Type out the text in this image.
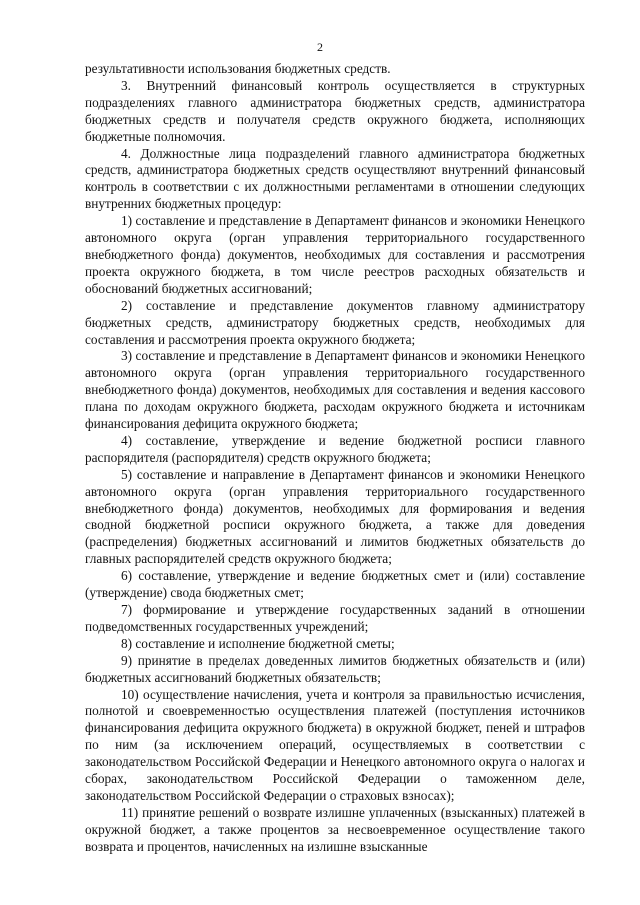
2

результативности использования бюджетных средств.

3. Внутренний финансовый контроль осуществляется в структурных подразделениях главного администратора бюджетных средств, администратора бюджетных средств и получателя средств окружного бюджета, исполняющих бюджетные полномочия.

4. Должностные лица подразделений главного администратора бюджетных средств, администратора бюджетных средств осуществляют внутренний финансовый контроль в соответствии с их должностными регламентами в отношении следующих внутренних бюджетных процедур:

1) составление и представление в Департамент финансов и экономики Ненецкого автономного округа (орган управления территориального государственного внебюджетного фонда) документов, необходимых для составления и рассмотрения проекта окружного бюджета, в том числе реестров расходных обязательств и обоснований бюджетных ассигнований;

2) составление и представление документов главному администратору бюджетных средств, администратору бюджетных средств, необходимых для составления и рассмотрения проекта окружного бюджета;

3) составление и представление в Департамент финансов и экономики Ненецкого автономного округа (орган управления территориального государственного внебюджетного фонда) документов, необходимых для составления и ведения кассового плана по доходам окружного бюджета, расходам окружного бюджета и источникам финансирования дефицита окружного бюджета;

4) составление, утверждение и ведение бюджетной росписи главного распорядителя (распорядителя) средств окружного бюджета;

5) составление и направление в Департамент финансов и экономики Ненецкого автономного округа (орган управления территориального государственного внебюджетного фонда) документов, необходимых для формирования и ведения сводной бюджетной росписи окружного бюджета, а также для доведения (распределения) бюджетных ассигнований и лимитов бюджетных обязательств до главных распорядителей средств окружного бюджета;

6) составление, утверждение и ведение бюджетных смет и (или) составление (утверждение) свода бюджетных смет;

7) формирование и утверждение государственных заданий в отношении подведомственных государственных учреждений;

8) составление и исполнение бюджетной сметы;

9) принятие в пределах доведенных лимитов бюджетных обязательств и (или) бюджетных ассигнований бюджетных обязательств;

10) осуществление начисления, учета и контроля за правильностью исчисления, полнотой и своевременностью осуществления платежей (поступления источников финансирования дефицита окружного бюджета) в окружной бюджет, пеней и штрафов по ним (за исключением операций, осуществляемых в соответствии с законодательством Российской Федерации и Ненецкого автономного округа о налогах и сборах, законодательством Российской Федерации о таможенном деле, законодательством Российской Федерации о страховых взносах);

11) принятие решений о возврате излишне уплаченных (взысканных) платежей в окружной бюджет, а также процентов за несвоевременное осуществление такого возврата и процентов, начисленных на излишне взысканные
